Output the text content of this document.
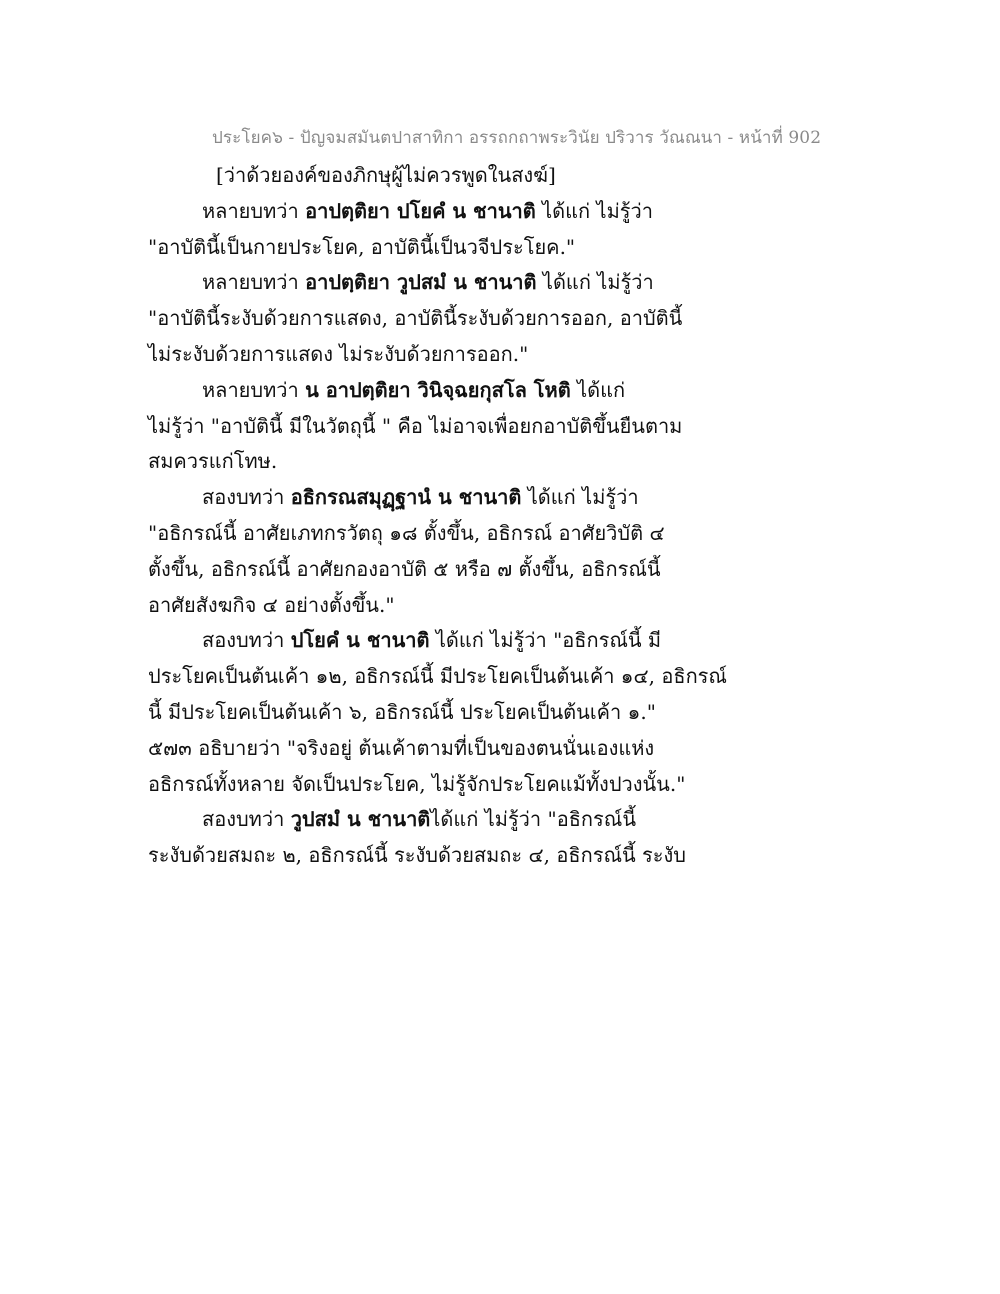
ประโยค๖ - ปัญจมสมันตปาสาทิกา อรรถกถาพระวินัย ปริวาร วัณณนา - หน้าที่ 902
[ว่าด้วยองค์ของภิกษุผู้ไม่ควรพูดในสงฆ์]
หลายบทว่า อาปตฺติยา ปโยคํ น ชานาติ ได้แก่ ไม่รู้ว่า
"อาบัตินี้เป็นกายประโยค, อาบัตินี้เป็นวจีประโยค."
หลายบทว่า อาปตฺติยา วูปสมํ น ชานาติ ได้แก่ ไม่รู้ว่า
"อาบัตินี้ระงับด้วยการแสดง, อาบัตินี้ระงับด้วยการออก, อาบัตินี้
ไม่ระงับด้วยการแสดง ไม่ระงับด้วยการออก."
หลายบทว่า น อาปตฺติยา วินิจฺฉยกุสโล โหติ ได้แก่
ไม่รู้ว่า "อาบัตินี้ มีในวัตถุนี้ " คือ ไม่อาจเพื่อยกอาบัติขึ้นยืนตาม
สมควรแก่โทษ.
สองบทว่า อธิกรณสมุฏฺฐานํ น ชานาติ ได้แก่ ไม่รู้ว่า
"อธิกรณ์นี้ อาศัยเภทกรวัตถุ ๑๘ ตั้งขึ้น, อธิกรณ์ อาศัยวิบัติ ๔
ตั้งขึ้น, อธิกรณ์นี้ อาศัยกองอาบัติ ๕ หรือ ๗ ตั้งขึ้น, อธิกรณ์นี้
อาศัยสังฆกิจ ๔ อย่างตั้งขึ้น."
สองบทว่า ปโยคํ น ชานาติ ได้แก่ ไม่รู้ว่า "อธิกรณ์นี้ มี
ประโยคเป็นต้นเค้า ๑๒, อธิกรณ์นี้ มีประโยคเป็นต้นเค้า ๑๔, อธิกรณ์
นี้ มีประโยคเป็นต้นเค้า ๖, อธิกรณ์นี้ ประโยคเป็นต้นเค้า ๑."
๕๗๓ อธิบายว่า "จริงอยู่ ต้นเค้าตามที่เป็นของตนนั่นเองแห่ง
อธิกรณ์ทั้งหลาย จัดเป็นประโยค, ไม่รู้จักประโยคแม้ทั้งปวงนั้น."
สองบทว่า วูปสมํ น ชานาติได้แก่ ไม่รู้ว่า "อธิกรณ์นี้
ระงับด้วยสมถะ ๒, อธิกรณ์นี้ ระงับด้วยสมถะ ๔, อธิกรณ์นี้ ระงับ
